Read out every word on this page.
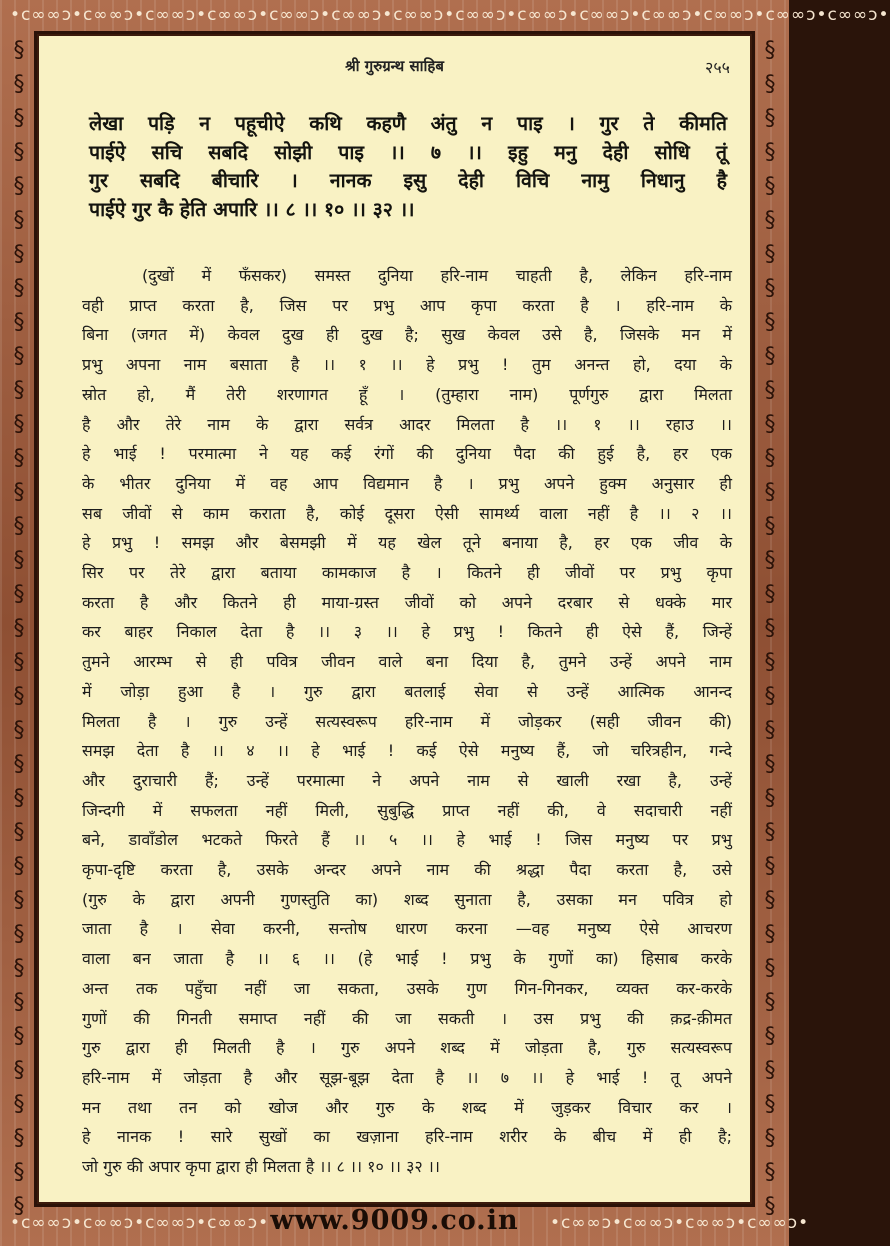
•c∞∞ɔ•c∞∞ɔ•c∞∞ɔ•c∞∞ɔ•c∞∞ɔ•c∞∞ɔ•c∞∞ɔ•c∞∞ɔ•c∞∞ɔ•c∞∞ɔ•c∞∞ɔ•c∞∞ɔ•c∞∞ɔ•c∞∞ɔ•
§
§
§
§
§
§
§
§
§
§
§
§
§
§
§
§
§
§
§
§
§
§
§
§
§
§
§
§
§
§
§
§
§
§
§
§
§
§
§
§
§
§
§
§
§
§
§
§
§
§
§
§
§
§
§
§
§
§
§
§
§
§
§
§
§
§
§
§
§
§
श्री गुरुग्रन्थ साहिब	२५५
लेखा पड़ि न पहूचीऐ कथि कहणै अंतु न पाइ । गुर ते कीमति
पाईऐ सचि सबदि सोझी पाइ ।। ७ ।। इहु मनु देही सोधि तूं
गुर सबदि बीचारि । नानक इसु देही विचि नामु निधानु है
पाईऐ गुर कै हेति अपारि ।। ८ ।। १० ।। ३२ ।।
(दुखों में फँसकर) समस्त दुनिया हरि-नाम चाहती है, लेकिन हरि-नाम
वही प्राप्त करता है, जिस पर प्रभु आप कृपा करता है । हरि-नाम के
बिना (जगत में) केवल दुख ही दुख है; सुख केवल उसे है, जिसके मन में
प्रभु अपना नाम बसाता है ।। १ ।। हे प्रभु ! तुम अनन्त हो, दया के
स्रोत हो, मैं तेरी शरणागत हूँ । (तुम्हारा नाम) पूर्णगुरु द्वारा मिलता
है और तेरे नाम के द्वारा सर्वत्र आदर मिलता है ।। १ ।। रहाउ ।।
हे भाई ! परमात्मा ने यह कई रंगों की दुनिया पैदा की हुई है, हर एक
के भीतर दुनिया में वह आप विद्यमान है । प्रभु अपने हुक्म अनुसार ही
सब जीवों से काम कराता है, कोई दूसरा ऐसी सामर्थ्य वाला नहीं है ।। २ ।।
हे प्रभु ! समझ और बेसमझी में यह खेल तूने बनाया है, हर एक जीव के
सिर पर तेरे द्वारा बताया कामकाज है । कितने ही जीवों पर प्रभु कृपा
करता है और कितने ही माया-ग्रस्त जीवों को अपने दरबार से धक्के मार
कर बाहर निकाल देता है ।। ३ ।। हे प्रभु ! कितने ही ऐसे हैं, जिन्हें
तुमने आरम्भ से ही पवित्र जीवन वाले बना दिया है, तुमने उन्हें अपने नाम
में जोड़ा हुआ है । गुरु द्वारा बतलाई सेवा से उन्हें आत्मिक आनन्द
मिलता है । गुरु उन्हें सत्यस्वरूप हरि-नाम में जोड़कर (सही जीवन की)
समझ देता है ।। ४ ।। हे भाई ! कई ऐसे मनुष्य हैं, जो चरित्रहीन, गन्दे
और दुराचारी हैं; उन्हें परमात्मा ने अपने नाम से खाली रखा है, उन्हें
जिन्दगी में सफलता नहीं मिली, सुबुद्धि प्राप्त नहीं की, वे सदाचारी नहीं
बने, डावाँडोल भटकते फिरते हैं ।। ५ ।। हे भाई ! जिस मनुष्य पर प्रभु
कृपा-दृष्टि करता है, उसके अन्दर अपने नाम की श्रद्धा पैदा करता है, उसे
(गुरु के द्वारा अपनी गुणस्तुति का) शब्द सुनाता है, उसका मन पवित्र हो
जाता है । सेवा करनी, सन्तोष धारण करना —वह मनुष्य ऐसे आचरण
वाला बन जाता है ।। ६ ।। (हे भाई ! प्रभु के गुणों का) हिसाब करके
अन्त तक पहुँचा नहीं जा सकता, उसके गुण गिन-गिनकर, व्यक्त कर-करके
गुणों की गिनती समाप्त नहीं की जा सकती । उस प्रभु की क़द्र-क़ीमत
गुरु द्वारा ही मिलती है । गुरु अपने शब्द में जोड़ता है, गुरु सत्यस्वरूप
हरि-नाम में जोड़ता है और सूझ-बूझ देता है ।। ७ ।। हे भाई ! तू अपने
मन तथा तन को खोज और गुरु के शब्द में जुड़कर विचार कर ।
हे नानक ! सारे सुखों का खज़ाना हरि-नाम शरीर के बीच में ही है;
जो गुरु की अपार कृपा द्वारा ही मिलता है ।। ८ ।। १० ।। ३२ ।।
•c∞∞ɔ•c∞∞ɔ•c∞∞ɔ•c∞∞ɔ• www.9009.co.in	•c∞∞ɔ•c∞∞ɔ•c∞∞ɔ•c∞∞ɔ•
